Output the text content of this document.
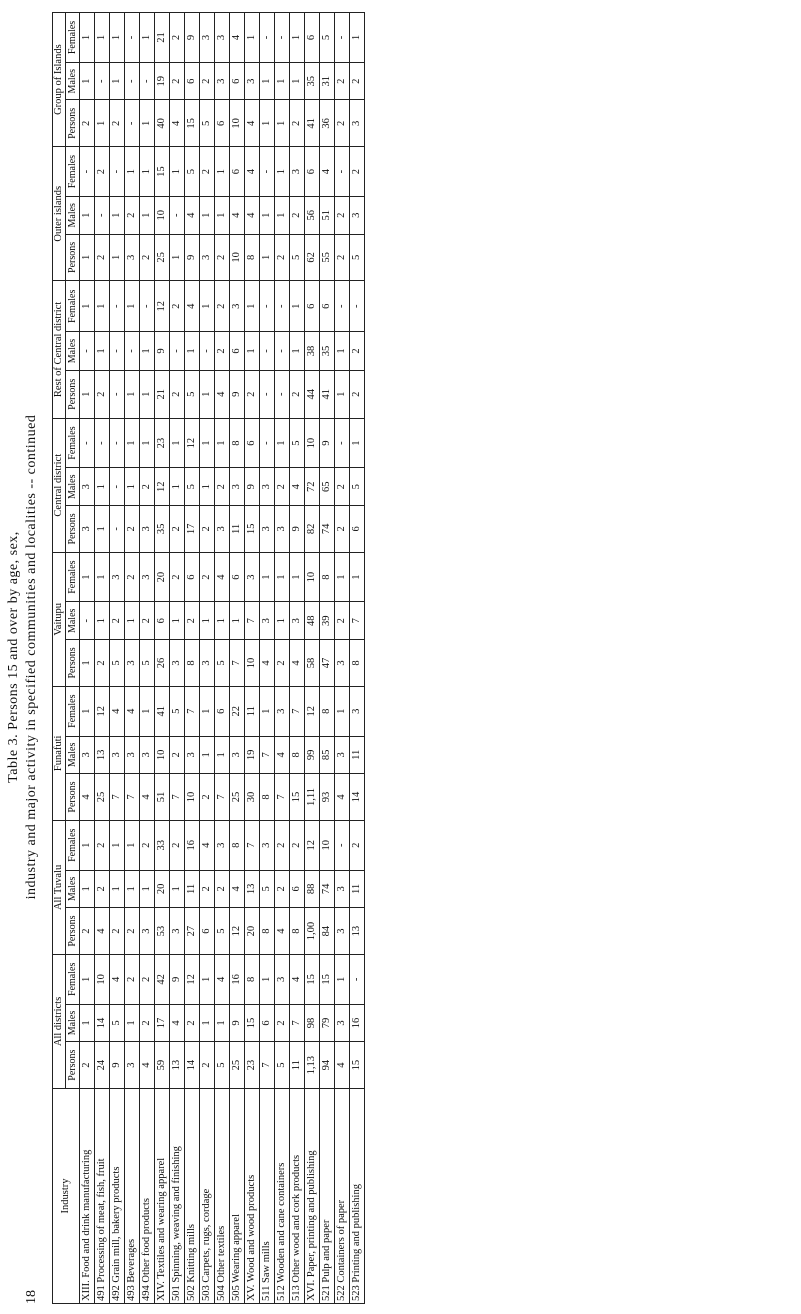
Table 3. Persons 15 and over by age, sex, industry and major activity in specified communities and localities -- continued
18
Industry	All districts			All Tuvalu			Funafuti			Vaitupu			Central district			Rest of Central district			Outer islands			Group of Islands		
	Persons	Males	Females	Persons	Males	Females	Persons	Males	Females	Persons	Males	Females	Persons	Males	Females	Persons	Males	Females	Persons	Males	Females	Persons	Males	Females
XIII. Food and drink manufacturing	2	1	1	2	1	1	4	3	1	1	-	1	3	3	-	1	-	1	1	1	-	2	1	1
491 Processing of meat, fish, fruit	24	14	10	4	2	2	25	13	12	2	1	1	1	1	-	2	1	1	2	-	2	1	-	1
492 Grain mill, bakery products	9	5	4	2	1	1	7	3	4	5	2	3	-	-	-	-	-	-	1	1	-	2	1	1
493 Beverages	3	1	2	2	1	1	7	3	4	3	1	2	2	1	1	1	-	1	3	2	1	-	-	-
494 Other food products	4	2	2	3	1	2	4	3	1	5	2	3	3	2	1	1	1	-	2	1	1	1	-	1
XIV. Textiles and wearing apparel	59	17	42	53	20	33	51	10	41	26	6	20	35	12	23	21	9	12	25	10	15	40	19	21
501 Spinning, weaving and finishing	13	4	9	3	1	2	7	2	5	3	1	2	2	1	1	2	-	2	1	-	1	4	2	2
502 Knitting mills	14	2	12	27	11	16	10	3	7	8	2	6	17	5	12	5	1	4	9	4	5	15	6	9
503 Carpets, rugs, cordage	2	1	1	6	2	4	2	1	1	3	1	2	2	1	1	1	-	1	3	1	2	5	2	3
504 Other textiles	5	1	4	5	2	3	7	1	6	5	1	4	3	2	1	4	2	2	2	1	1	6	3	3
505 Wearing apparel	25	9	16	12	4	8	25	3	22	7	1	6	11	3	8	9	6	3	10	4	6	10	6	4
XV. Wood and wood products	23	15	8	20	13	7	30	19	11	10	7	3	15	9	6	2	1	1	8	4	4	4	3	1
511 Saw mills	7	6	1	8	5	3	8	7	1	4	3	1	3	3	-	-	-	-	1	1	-	1	1	-
512 Wooden and cane containers	5	2	3	4	2	2	7	4	3	2	1	1	3	2	1	-	-	-	2	1	1	1	1	-
513 Other wood and cork products	11	7	4	8	6	2	15	8	7	4	3	1	9	4	5	2	1	1	5	2	3	2	1	1
XVI. Paper, printing and publishing	1,13	98	15	1,00	88	12	1,11	99	12	58	48	10	82	72	10	44	38	6	62	56	6	41	35	6
521 Pulp and paper	94	79	15	84	74	10	93	85	8	47	39	8	74	65	9	41	35	6	55	51	4	36	31	5
522 Containers of paper	4	3	1	3	3	-	4	3	1	3	2	1	2	2	-	1	1	-	2	2	-	2	2	-
523 Printing and publishing	15	16	-	13	11	2	14	11	3	8	7	1	6	5	1	2	2	-	5	3	2	3	2	1
